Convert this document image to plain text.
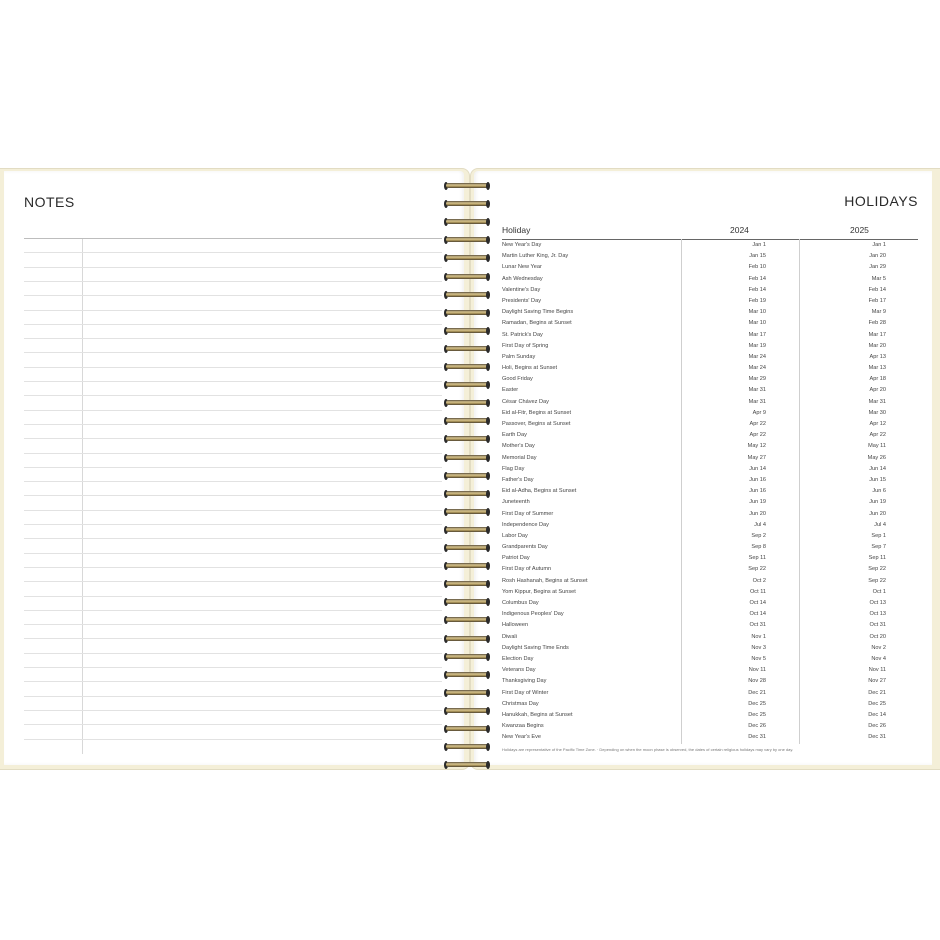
NOTES	HOLIDAYS
Holiday	2024	2025
New Year's Day	Jan 1	Jan 1
Martin Luther King, Jr. Day	Jan 15	Jan 20
Lunar New Year	Feb 10	Jan 29
Ash Wednesday	Feb 14	Mar 5
Valentine's Day	Feb 14	Feb 14
Presidents' Day	Feb 19	Feb 17
Daylight Saving Time Begins	Mar 10	Mar 9
Ramadan, Begins at Sunset	Mar 10	Feb 28
St. Patrick's Day	Mar 17	Mar 17
First Day of Spring	Mar 19	Mar 20
Palm Sunday	Mar 24	Apr 13
Holi, Begins at Sunset	Mar 24	Mar 13
Good Friday	Mar 29	Apr 18
Easter	Mar 31	Apr 20
César Chávez Day	Mar 31	Mar 31
Eid al-Fitr, Begins at Sunset	Apr 9	Mar 30
Passover, Begins at Sunset	Apr 22	Apr 12
Earth Day	Apr 22	Apr 22
Mother's Day	May 12	May 11
Memorial Day	May 27	May 26
Flag Day	Jun 14	Jun 14
Father's Day	Jun 16	Jun 15
Eid al-Adha, Begins at Sunset	Jun 16	Jun 6
Juneteenth	Jun 19	Jun 19
First Day of Summer	Jun 20	Jun 20
Independence Day	Jul 4	Jul 4
Labor Day	Sep 2	Sep 1
Grandparents Day	Sep 8	Sep 7
Patriot Day	Sep 11	Sep 11
First Day of Autumn	Sep 22	Sep 22
Rosh Hashanah, Begins at Sunset	Oct 2	Sep 22
Yom Kippur, Begins at Sunset	Oct 11	Oct 1
Columbus Day	Oct 14	Oct 13
Indigenous Peoples' Day	Oct 14	Oct 13
Halloween	Oct 31	Oct 31
Diwali	Nov 1	Oct 20
Daylight Saving Time Ends	Nov 3	Nov 2
Election Day	Nov 5	Nov 4
Veterans Day	Nov 11	Nov 11
Thanksgiving Day	Nov 28	Nov 27
First Day of Winter	Dec 21	Dec 21
Christmas Day	Dec 25	Dec 25
Hanukkah, Begins at Sunset	Dec 25	Dec 14
Kwanzaa Begins	Dec 26	Dec 26
New Year's Eve	Dec 31	Dec 31
Holidays are representative of the Pacific Time Zone. · Depending on when the moon phase is observed, the dates of certain religious holidays may vary by one day.
